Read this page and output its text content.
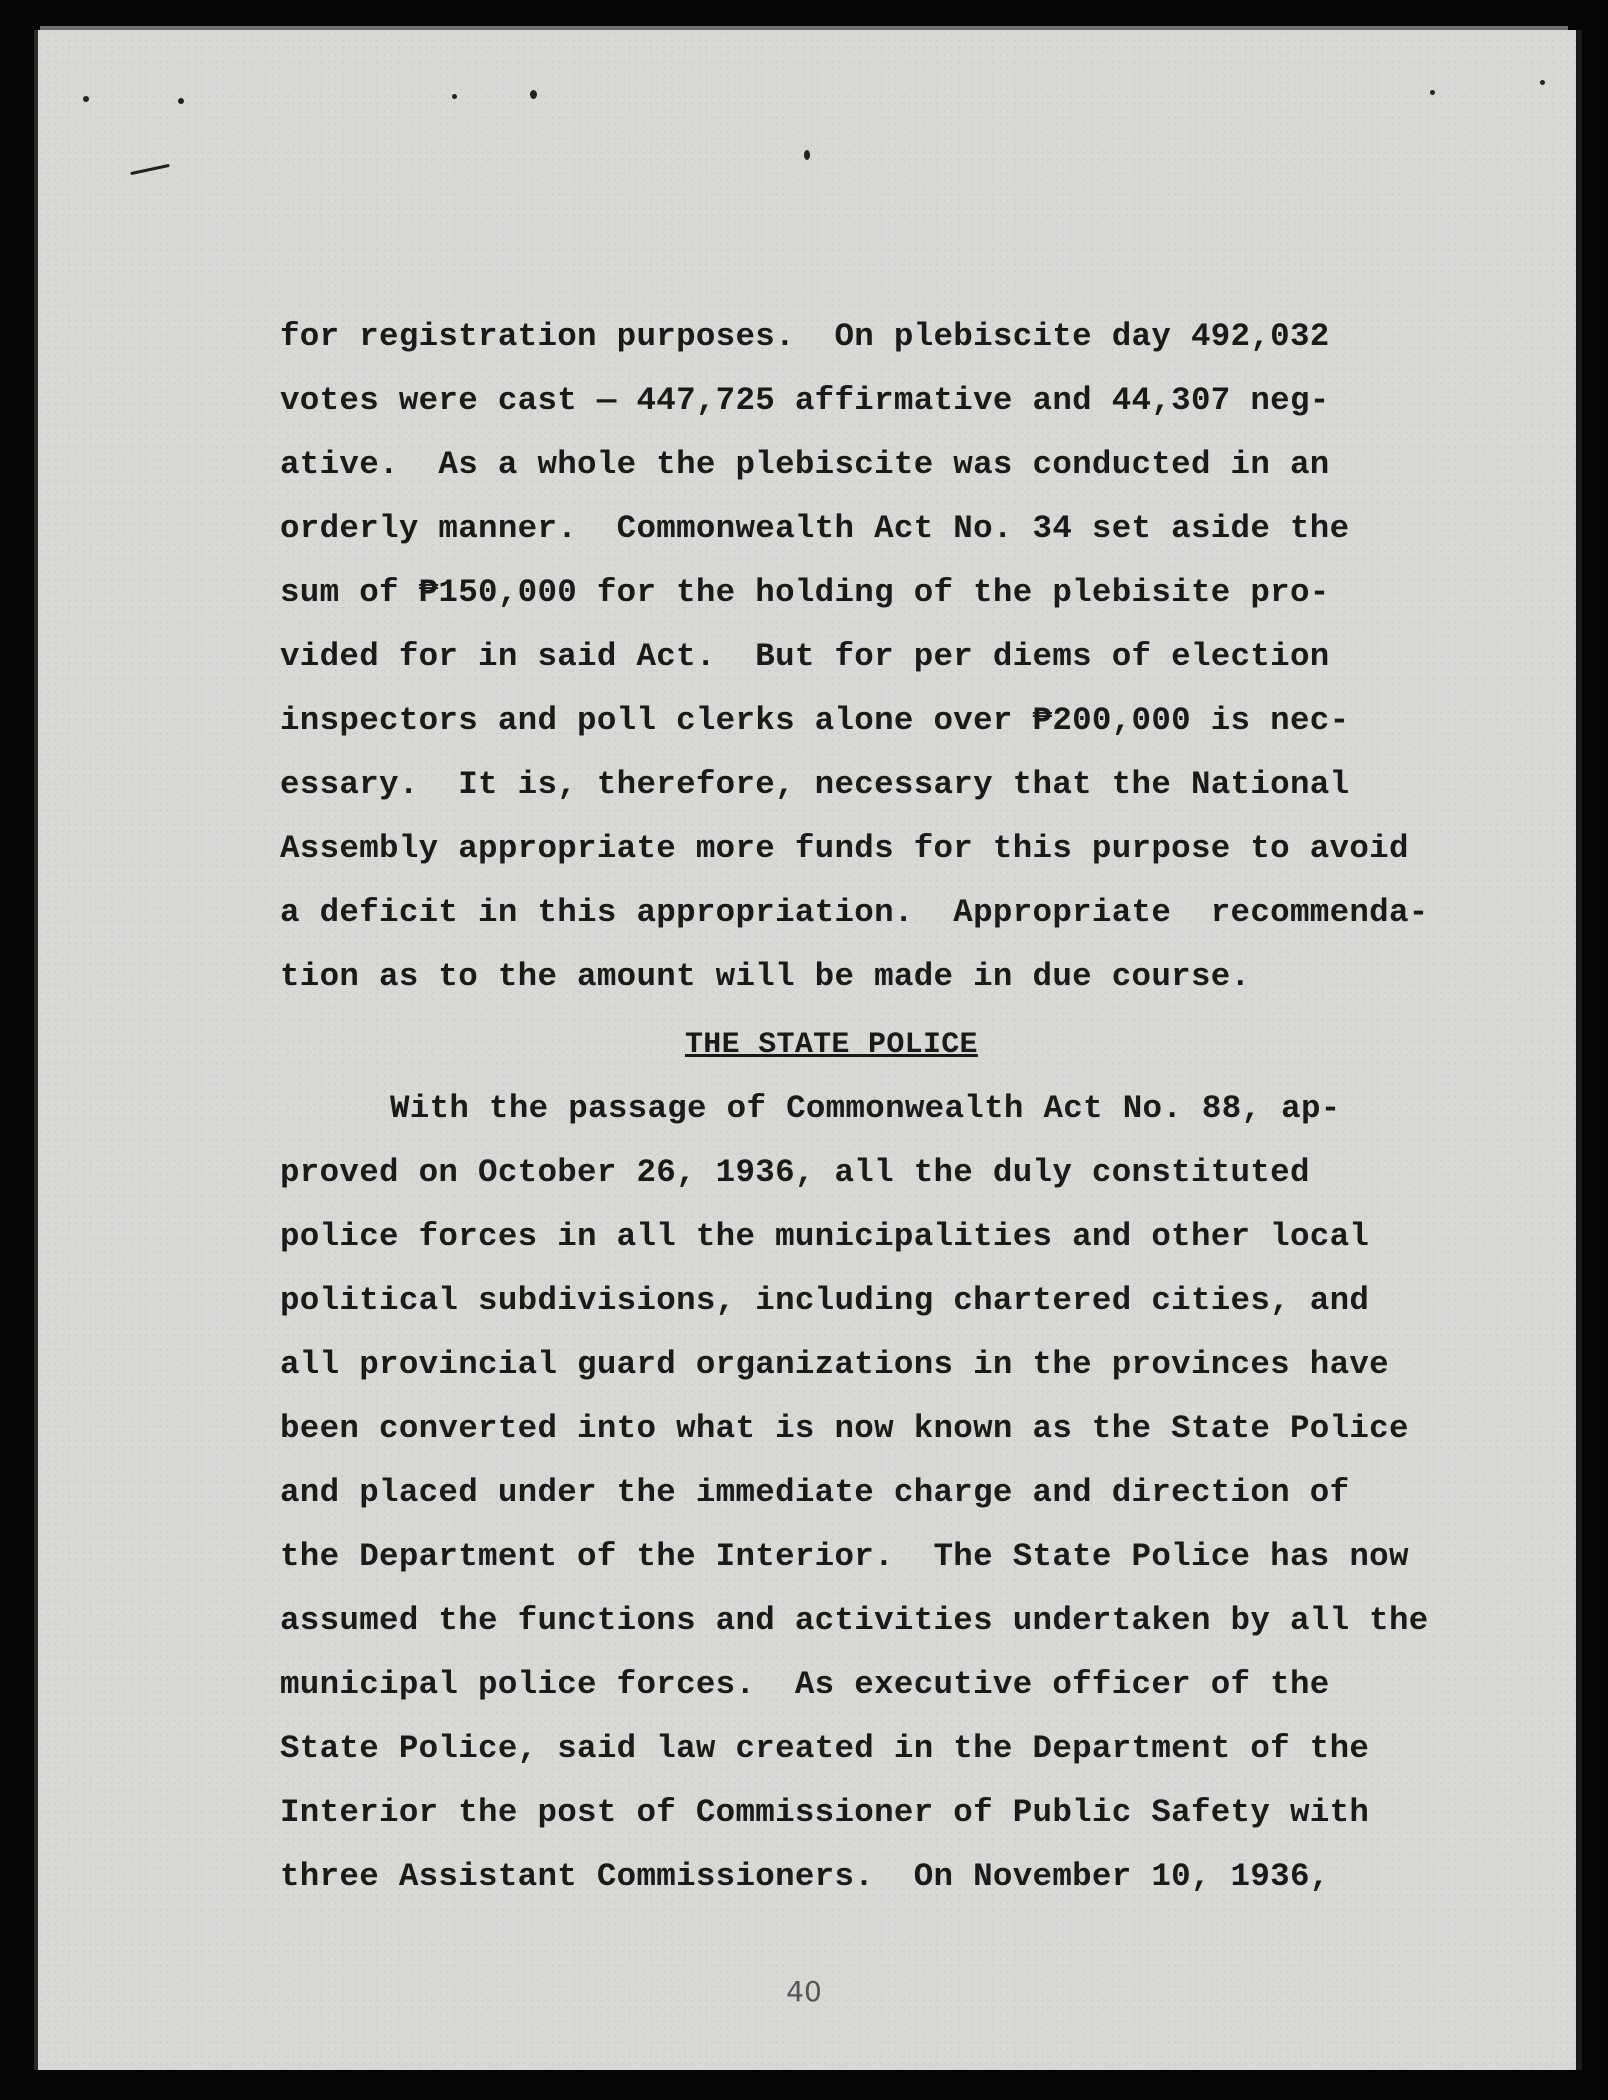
for registration purposes.  On plebiscite day 492,032
votes were cast — 447,725 affirmative and 44,307 neg-
ative.  As a whole the plebiscite was conducted in an
orderly manner.  Commonwealth Act No. 34 set aside the
sum of ₱150,000 for the holding of the plebisite pro-
vided for in said Act.  But for per diems of election
inspectors and poll clerks alone over ₱200,000 is nec-
essary.  It is, therefore, necessary that the National
Assembly appropriate more funds for this purpose to avoid
a deficit in this appropriation.  Appropriate  recommenda-
tion as to the amount will be made in due course.
THE STATE POLICE
With the passage of Commonwealth Act No. 88, ap-
proved on October 26, 1936, all the duly constituted
police forces in all the municipalities and other local
political subdivisions, including chartered cities, and
all provincial guard organizations in the provinces have
been converted into what is now known as the State Police
and placed under the immediate charge and direction of
the Department of the Interior.  The State Police has now
assumed the functions and activities undertaken by all the
municipal police forces.  As executive officer of the
State Police, said law created in the Department of the
Interior the post of Commissioner of Public Safety with
three Assistant Commissioners.  On November 10, 1936,
40
